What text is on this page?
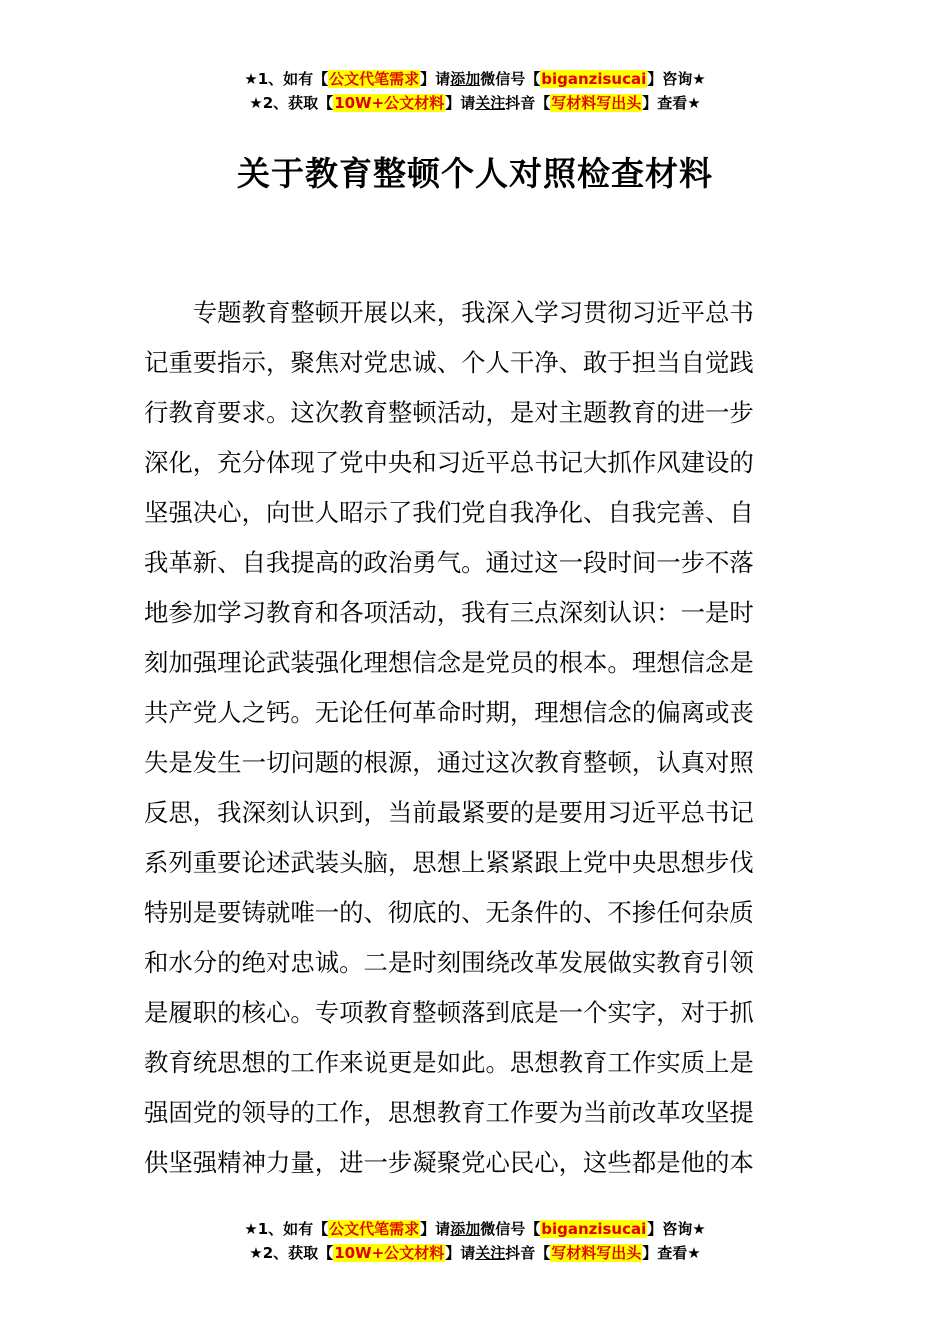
★1、如有【公文代笔需求】请添加微信号【biganzisucai】咨询★
★2、获取【10W+公文材料】请关注抖音【写材料写出头】查看★
关于教育整顿个人对照检查材料
　　专题教育整顿开展以来，我深入学习贯彻习近平总书
记重要指示，聚焦对党忠诚、个人干净、敢于担当自觉践
行教育要求。这次教育整顿活动，是对主题教育的进一步
深化，充分体现了党中央和习近平总书记大抓作风建设的
坚强决心，向世人昭示了我们党自我净化、自我完善、自
我革新、自我提高的政治勇气。通过这一段时间一步不落
地参加学习教育和各项活动，我有三点深刻认识：一是时
刻加强理论武装强化理想信念是党员的根本。理想信念是
共产党人之钙。无论任何革命时期，理想信念的偏离或丧
失是发生一切问题的根源，通过这次教育整顿，认真对照
反思，我深刻认识到，当前最紧要的是要用习近平总书记
系列重要论述武装头脑，思想上紧紧跟上党中央思想步伐
特别是要铸就唯一的、彻底的、无条件的、不掺任何杂质
和水分的绝对忠诚。二是时刻围绕改革发展做实教育引领
是履职的核心。专项教育整顿落到底是一个实字，对于抓
教育统思想的工作来说更是如此。思想教育工作实质上是
强固党的领导的工作，思想教育工作要为当前改革攻坚提
供坚强精神力量，进一步凝聚党心民心，这些都是他的本
★1、如有【公文代笔需求】请添加微信号【biganzisucai】咨询★
★2、获取【10W+公文材料】请关注抖音【写材料写出头】查看★
